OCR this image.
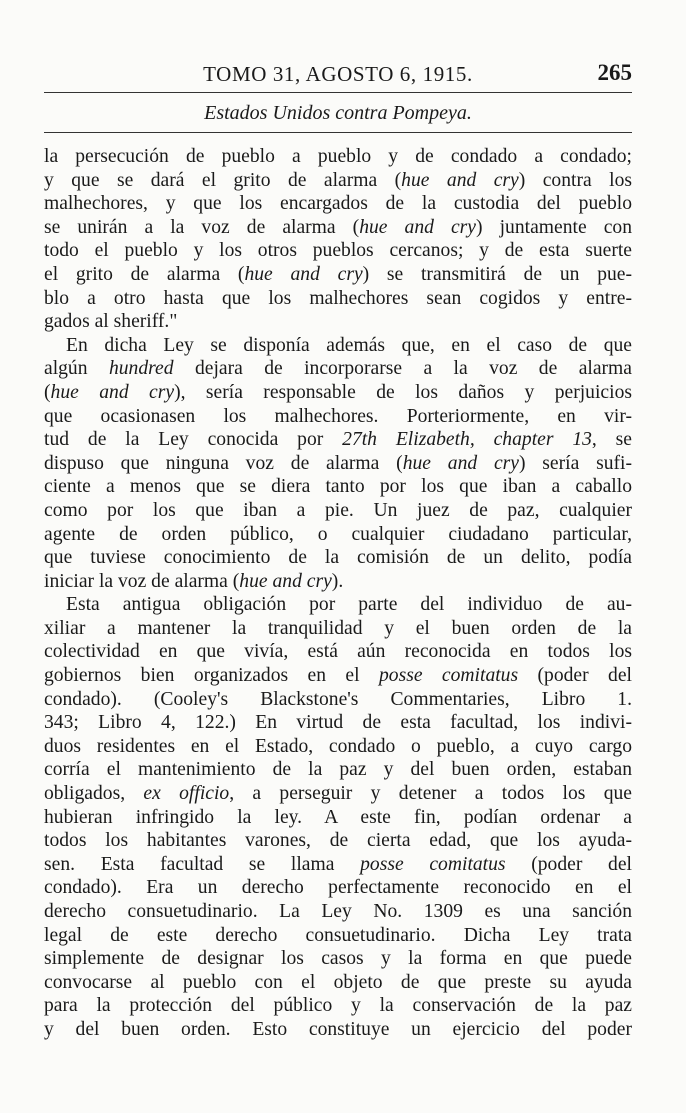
TOMO 31, AGOSTO 6, 1915.	265
Estados Unidos contra Pompeya.
la persecución de pueblo a pueblo y de condado a condado;
y que se dará el grito de alarma (hue and cry) contra los
malhechores, y que los encargados de la custodia del pueblo
se unirán a la voz de alarma (hue and cry) juntamente con
todo el pueblo y los otros pueblos cercanos; y de esta suerte
el grito de alarma (hue and cry) se transmitirá de un pue-
blo a otro hasta que los malhechores sean cogidos y entre-
gados al sheriff."
En dicha Ley se disponía además que, en el caso de que
algún hundred dejara de incorporarse a la voz de alarma
(hue and cry), sería responsable de los daños y perjuicios
que ocasionasen los malhechores. Porteriormente, en vir-
tud de la Ley conocida por 27th Elizabeth, chapter 13, se
dispuso que ninguna voz de alarma (hue and cry) sería sufi-
ciente a menos que se diera tanto por los que iban a caballo
como por los que iban a pie. Un juez de paz, cualquier
agente de orden público, o cualquier ciudadano particular,
que tuviese conocimiento de la comisión de un delito, podía
iniciar la voz de alarma (hue and cry).
Esta antigua obligación por parte del individuo de au-
xiliar a mantener la tranquilidad y el buen orden de la
colectividad en que vivía, está aún reconocida en todos los
gobiernos bien organizados en el posse comitatus (poder del
condado). (Cooley's Blackstone's Commentaries, Libro 1.
343; Libro 4, 122.) En virtud de esta facultad, los indivi-
duos residentes en el Estado, condado o pueblo, a cuyo cargo
corría el mantenimiento de la paz y del buen orden, estaban
obligados, ex officio, a perseguir y detener a todos los que
hubieran infringido la ley. A este fin, podían ordenar a
todos los habitantes varones, de cierta edad, que los ayuda-
sen. Esta facultad se llama posse comitatus (poder del
condado). Era un derecho perfectamente reconocido en el
derecho consuetudinario. La Ley No. 1309 es una sanción
legal de este derecho consuetudinario. Dicha Ley trata
simplemente de designar los casos y la forma en que puede
convocarse al pueblo con el objeto de que preste su ayuda
para la protección del público y la conservación de la paz
y del buen orden. Esto constituye un ejercicio del poder
